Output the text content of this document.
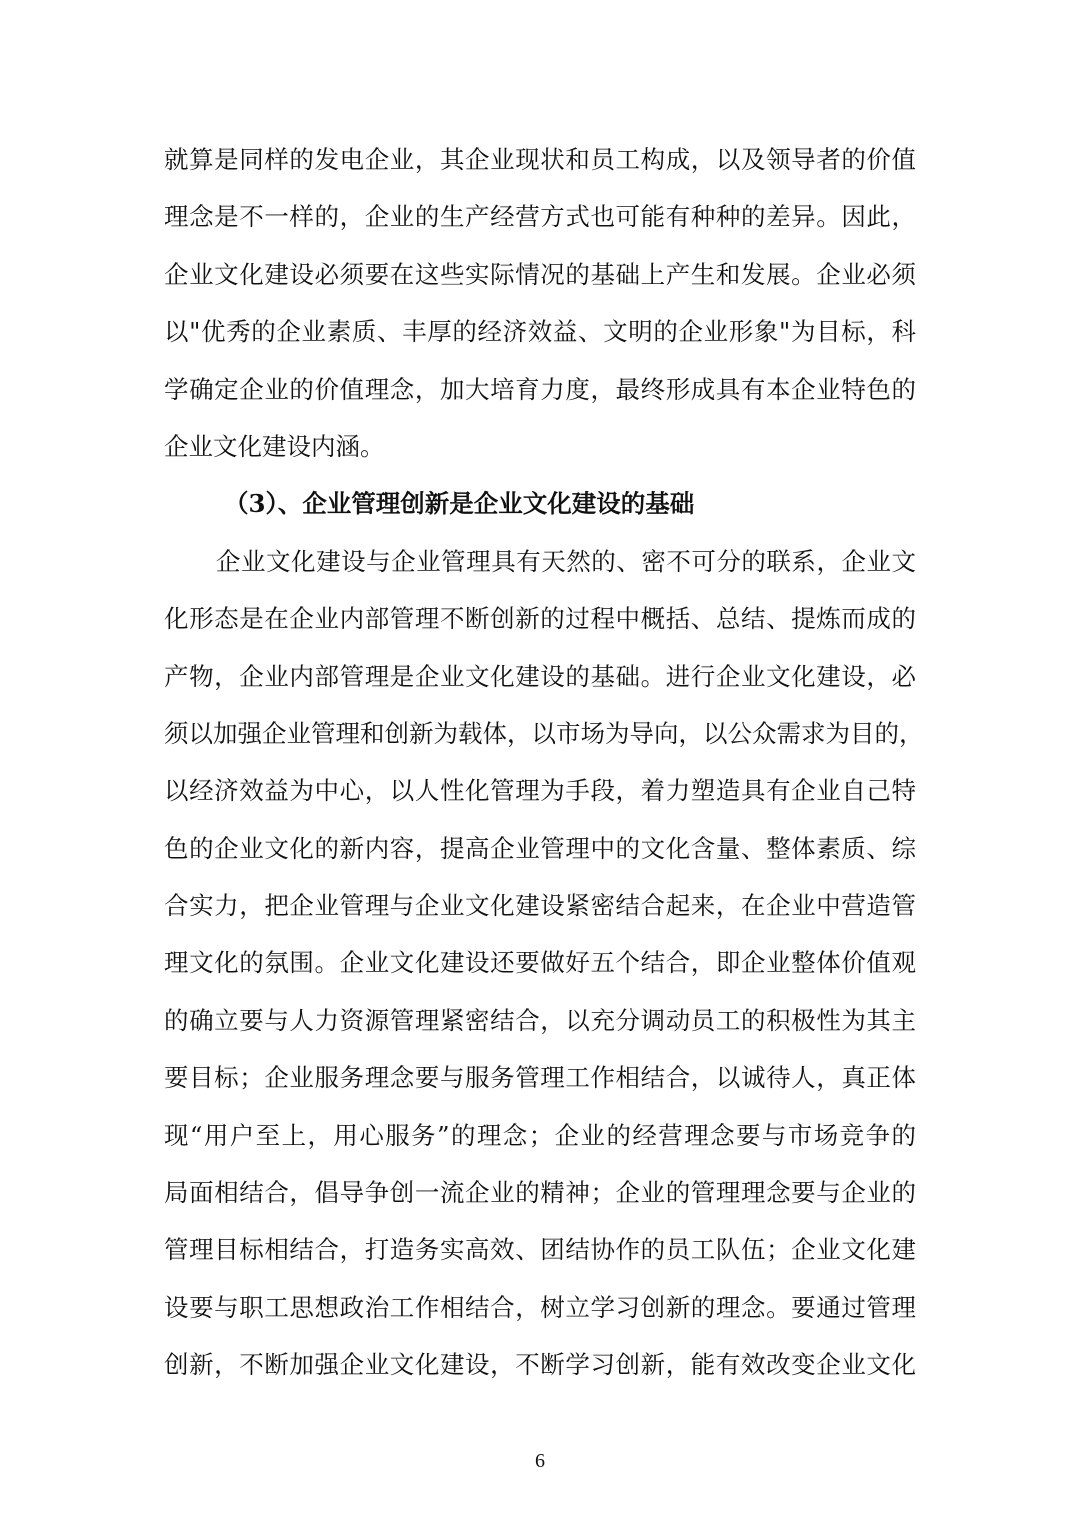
就算是同样的发电企业，其企业现状和员工构成，以及领导者的价值
理念是不一样的，企业的生产经营方式也可能有种种的差异。因此，
企业文化建设必须要在这些实际情况的基础上产生和发展。企业必须
以"优秀的企业素质、丰厚的经济效益、文明的企业形象"为目标，科
学确定企业的价值理念，加大培育力度，最终形成具有本企业特色的
企业文化建设内涵。
（3）、企业管理创新是企业文化建设的基础
企业文化建设与企业管理具有天然的、密不可分的联系，企业文
化形态是在企业内部管理不断创新的过程中概括、总结、提炼而成的
产物，企业内部管理是企业文化建设的基础。进行企业文化建设，必
须以加强企业管理和创新为载体，以市场为导向，以公众需求为目的，
以经济效益为中心，以人性化管理为手段，着力塑造具有企业自己特
色的企业文化的新内容，提高企业管理中的文化含量、整体素质、综
合实力，把企业管理与企业文化建设紧密结合起来，在企业中营造管
理文化的氛围。企业文化建设还要做好五个结合，即企业整体价值观
的确立要与人力资源管理紧密结合，以充分调动员工的积极性为其主
要目标；企业服务理念要与服务管理工作相结合，以诚待人，真正体
现“用户至上，用心服务”的理念；企业的经营理念要与市场竞争的
局面相结合，倡导争创一流企业的精神；企业的管理理念要与企业的
管理目标相结合，打造务实高效、团结协作的员工队伍；企业文化建
设要与职工思想政治工作相结合，树立学习创新的理念。要通过管理
创新，不断加强企业文化建设，不断学习创新，能有效改变企业文化
6
